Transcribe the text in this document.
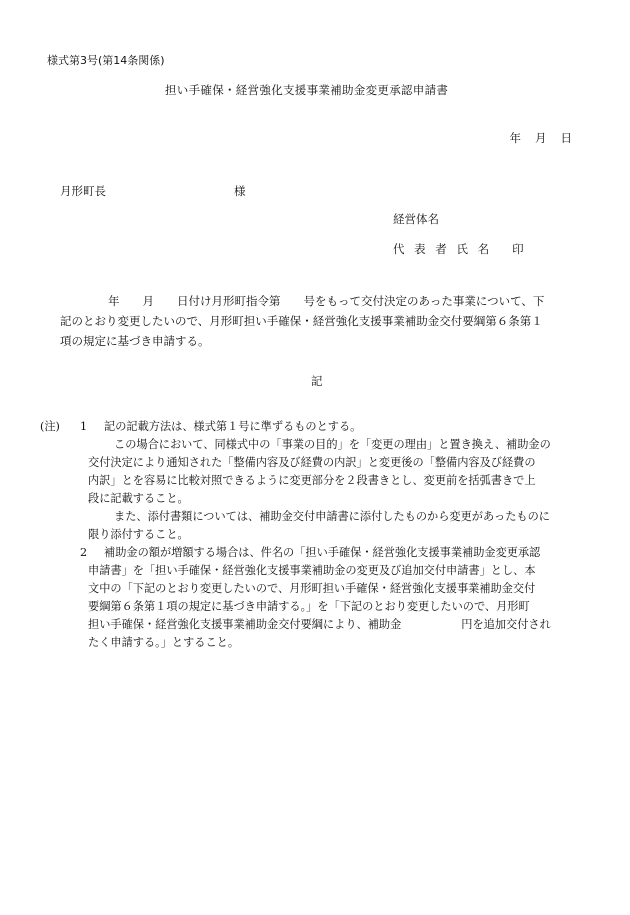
様式第3号(第14条関係)
担い手確保・経営強化支援事業補助金変更承認申請書
年 月 日
月形町長	様
経営体名
代 表 者 氏 名 印
年　　月　　日付け月形町指令第　　号をもって交付決定のあった事業について、下
記のとおり変更したいので、月形町担い手確保・経営強化支援事業補助金交付要綱第６条第１
項の規定に基づき申請する。
記
(注)	1	記の記載方法は、様式第１号に準ずるものとする。
この場合において、同様式中の「事業の目的」を「変更の理由」と置き換え、補助金の
交付決定により通知された「整備内容及び経費の内訳」と変更後の「整備内容及び経費の
内訳」とを容易に比較対照できるように変更部分を２段書きとし、変更前を括弧書きで上
段に記載すること。
また、添付書類については、補助金交付申請書に添付したものから変更があったものに
限り添付すること。
2	補助金の額が増額する場合は、件名の「担い手確保・経営強化支援事業補助金変更承認
申請書」を「担い手確保・経営強化支援事業補助金の変更及び追加交付申請書」とし、本
文中の「下記のとおり変更したいので、月形町担い手確保・経営強化支援事業補助金交付
要綱第６条第１項の規定に基づき申請する。」を「下記のとおり変更したいので、月形町
担い手確保・経営強化支援事業補助金交付要綱により、補助金	円を追加交付され
たく申請する。」とすること。
